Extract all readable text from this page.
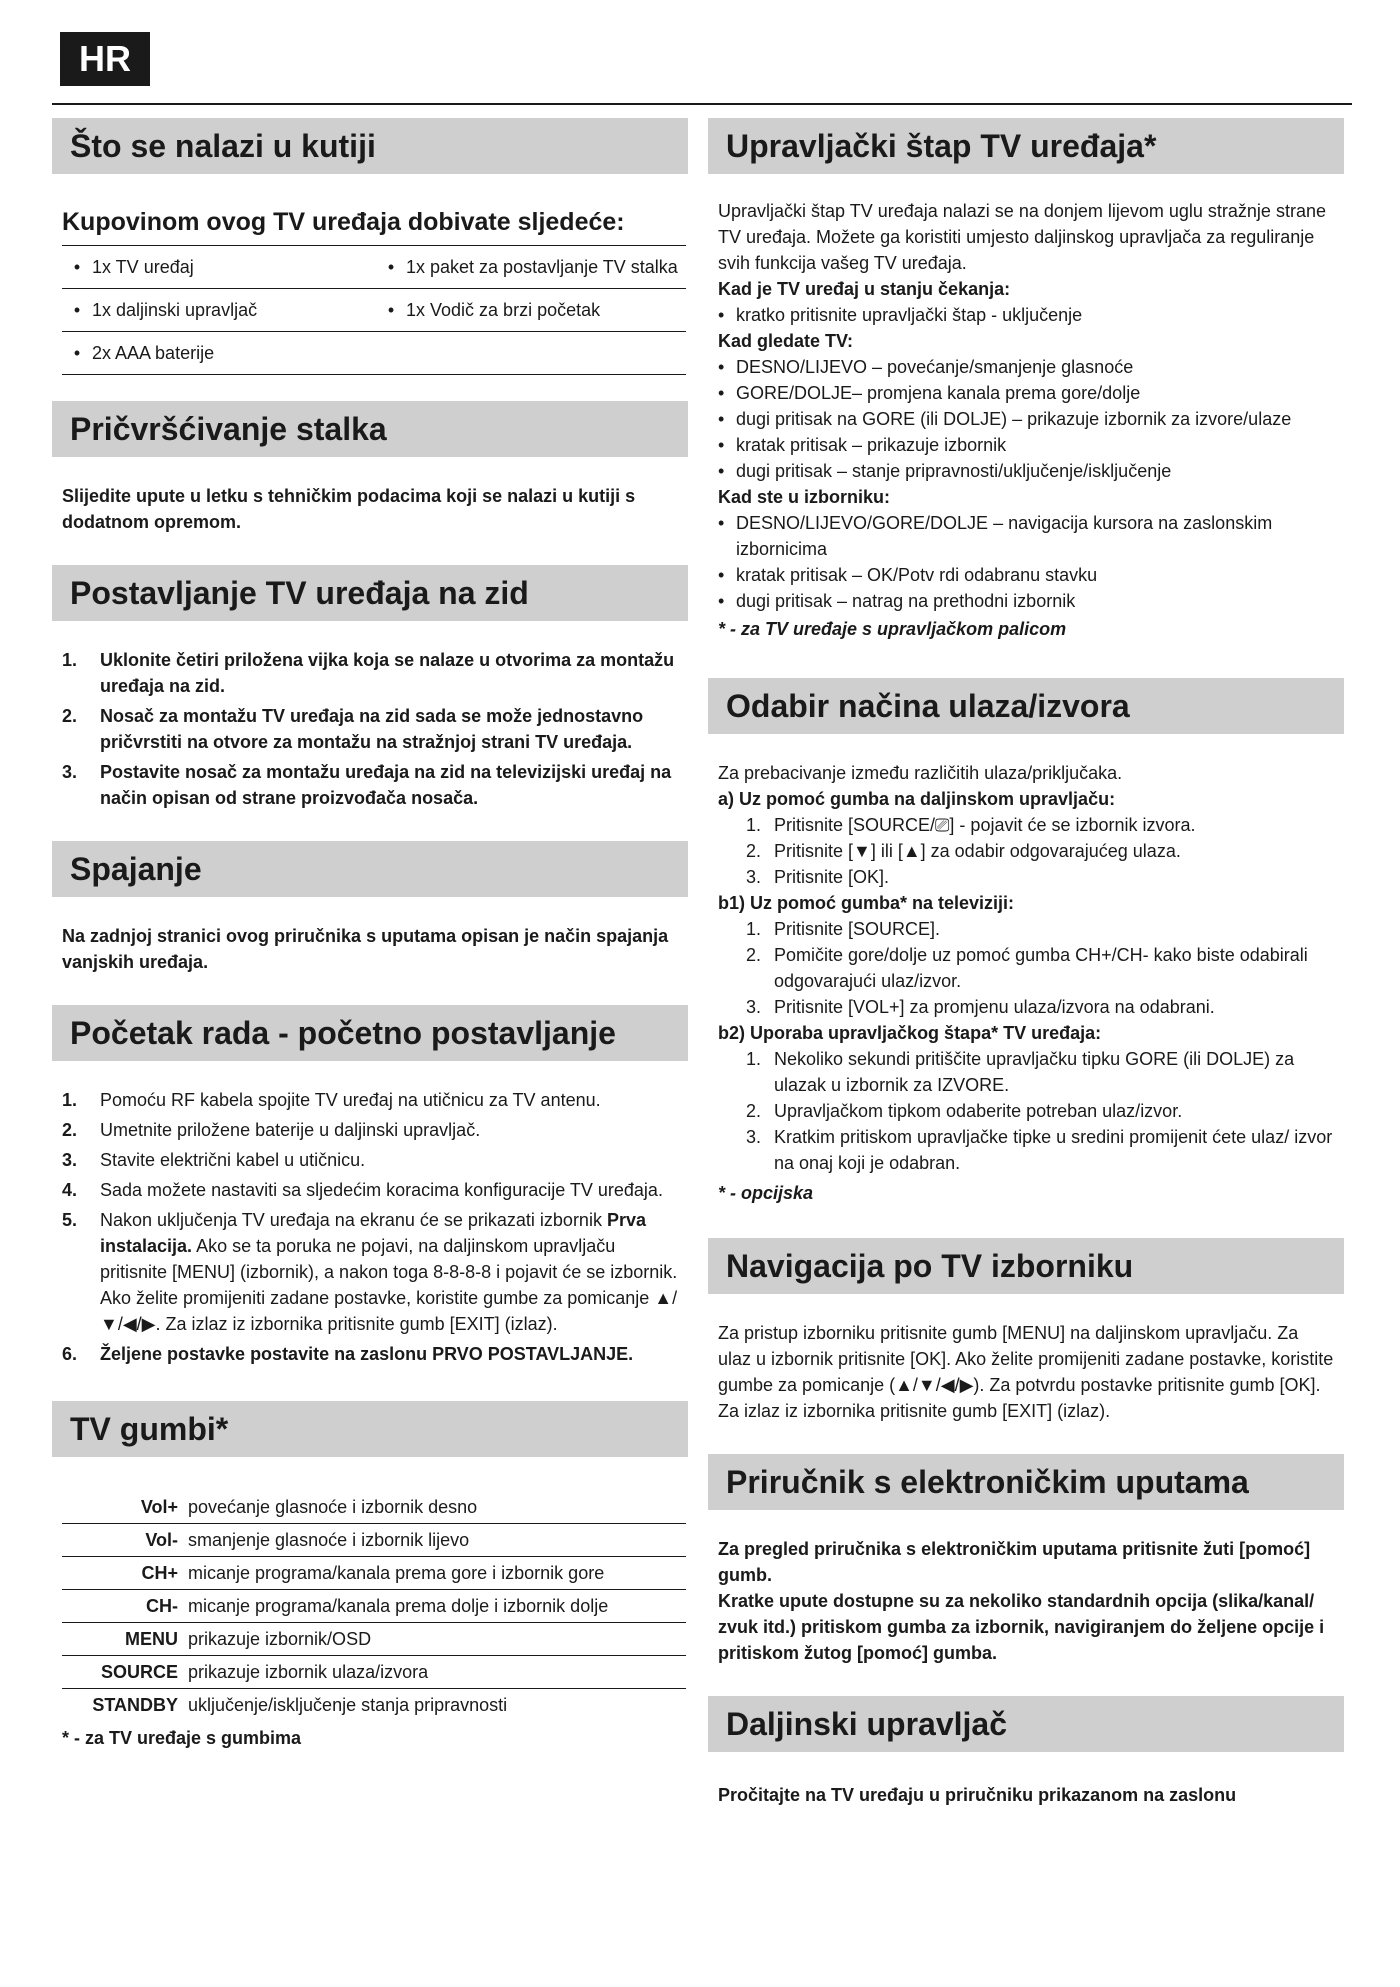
HR
Što se nalazi u kutiji

Kupovinom ovog TV uređaja dobivate sljedeće:

• 1x TV uređaj		• 1x paket za postavljanje TV stalka

• 1x daljinski upravljač	• 1x Vodič za brzi početak
• 2x AAA baterije	
Pričvršćivanje stalka

Slijedite upute u letku s tehničkim podacima koji se nalazi u kutiji s dodatnom opremom.

Postavljanje TV uređaja na zid
1.	Uklonite četiri priložena vijka koja se nalaze u otvorima za montažu uređaja na zid.
2.	Nosač za montažu TV uređaja na zid sada se može jednostavno pričvrstiti na otvore za montažu na stražnjoj strani TV uređaja.
3.	Postavite nosač za montažu uređaja na zid na televizijski uređaj na način opisan od strane proizvođača nosača.
Spajanje

Na zadnjoj stranici ovog priručnika s uputama opisan je način spajanja vanjskih uređaja.

Početak rada - početno postavljanje
1.	Pomoću RF kabela spojite TV uređaj na utičnicu za TV antenu.
2.	Umetnite priložene baterije u daljinski upravljač.
3.	Stavite električni kabel u utičnicu.
4.	Sada možete nastaviti sa sljedećim koracima konfiguracije TV uređaja.
5.	Nakon uključenja TV uređaja na ekranu će se prikazati izbornik Prva instalacija. Ako se ta poruka ne pojavi, na daljinskom upravljaču pritisnite [MENU] (izbornik), a nakon toga 8-8-8-8 i pojavit će se izbornik.
Ako želite promijeniti zadane postavke, koristite gumbe za pomicanje ▲/▼/◀/▶. Za izlaz iz izbornika pritisnite gumb [EXIT] (izlaz).
6.	Željene postavke postavite na zaslonu PRVO POSTAVLJANJE.
TV gumbi*
Vol+	povećanje glasnoće i izbornik desno
Vol-	smanjenje glasnoće i izbornik lijevo
CH+	micanje programa/kanala prema gore i izbornik gore
CH-	micanje programa/kanala prema dolje i izbornik dolje
MENU	prikazuje izbornik/OSD
SOURCE	prikazuje izbornik ulaza/izvora
STANDBY	uključenje/isključenje stanja pripravnosti

* - za TV uređaje s gumbima

Upravljački štap TV uređaja*

Upravljački štap TV uređaja nalazi se na donjem lijevom uglu stražnje strane TV uređaja. Možete ga koristiti umjesto daljinskog upravljača za reguliranje svih funkcija vašeg TV uređaja.

Kad je TV uređaj u stanju čekanja:

• kratko pritisnite upravljački štap - uključenje

Kad gledate TV:

• DESNO/LIJEVO – povećanje/smanjenje glasnoće
• GORE/DOLJE– promjena kanala prema gore/dolje
• dugi pritisak na GORE (ili DOLJE) – prikazuje izbornik za izvore/ulaze
• kratak pritisak – prikazuje izbornik
• dugi pritisak – stanje pripravnosti/uključenje/isključenje

Kad ste u izborniku:

• DESNO/LIJEVO/GORE/DOLJE – navigacija kursora na zaslonskim izbornicima
• kratak pritisak – OK/Potv rdi odabranu stavku
• dugi pritisak – natrag na prethodni izbornik

* - za TV uređaje s upravljačkom palicom

Odabir načina ulaza/izvora

Za prebacivanje između različitih ulaza/priključaka.

a) Uz pomoć gumba na daljinskom upravljaču:

1. Pritisnite [SOURCE/⎚] - pojavit će se izbornik izvora.
2. Pritisnite [▼] ili [▲] za odabir odgovarajućeg ulaza.
3. Pritisnite [OK].

b1) Uz pomoć gumba* na televiziji:

1. Pritisnite [SOURCE].
2. Pomičite gore/dolje uz pomoć gumba CH+/CH- kako biste odabirali odgovarajući ulaz/izvor.
3. Pritisnite [VOL+] za promjenu ulaza/izvora na odabrani.

b2) Uporaba upravljačkog štapa* TV uređaja:

1. Nekoliko sekundi pritiščite upravljačku tipku GORE (ili DOLJE) za ulazak u izbornik za IZVORE.
2. Upravljačkom tipkom odaberite potreban ulaz/izvor.
3. Kratkim pritiskom upravljačke tipke u sredini promijenit ćete ulaz/ izvor na onaj koji je odabran.

* - opcijska

Navigacija po TV izborniku

Za pristup izborniku pritisnite gumb [MENU] na daljinskom upravljaču. Za ulaz u izbornik pritisnite [OK]. Ako želite promijeniti zadane postavke, koristite gumbe za pomicanje (▲/▼/◀/▶). Za potvrdu postavke pritisnite gumb [OK]. Za izlaz iz izbornika pritisnite gumb [EXIT] (izlaz).

Priručnik s elektroničkim uputama

Za pregled priručnika s elektroničkim uputama pritisnite žuti [pomoć] gumb.
Kratke upute dostupne su za nekoliko standardnih opcija (slika/kanal/ zvuk itd.) pritiskom gumba za izbornik, navigiranjem do željene opcije i pritiskom žutog [pomoć] gumba.

Daljinski upravljač

Pročitajte na TV uređaju u priručniku prikazanom na zaslonu
